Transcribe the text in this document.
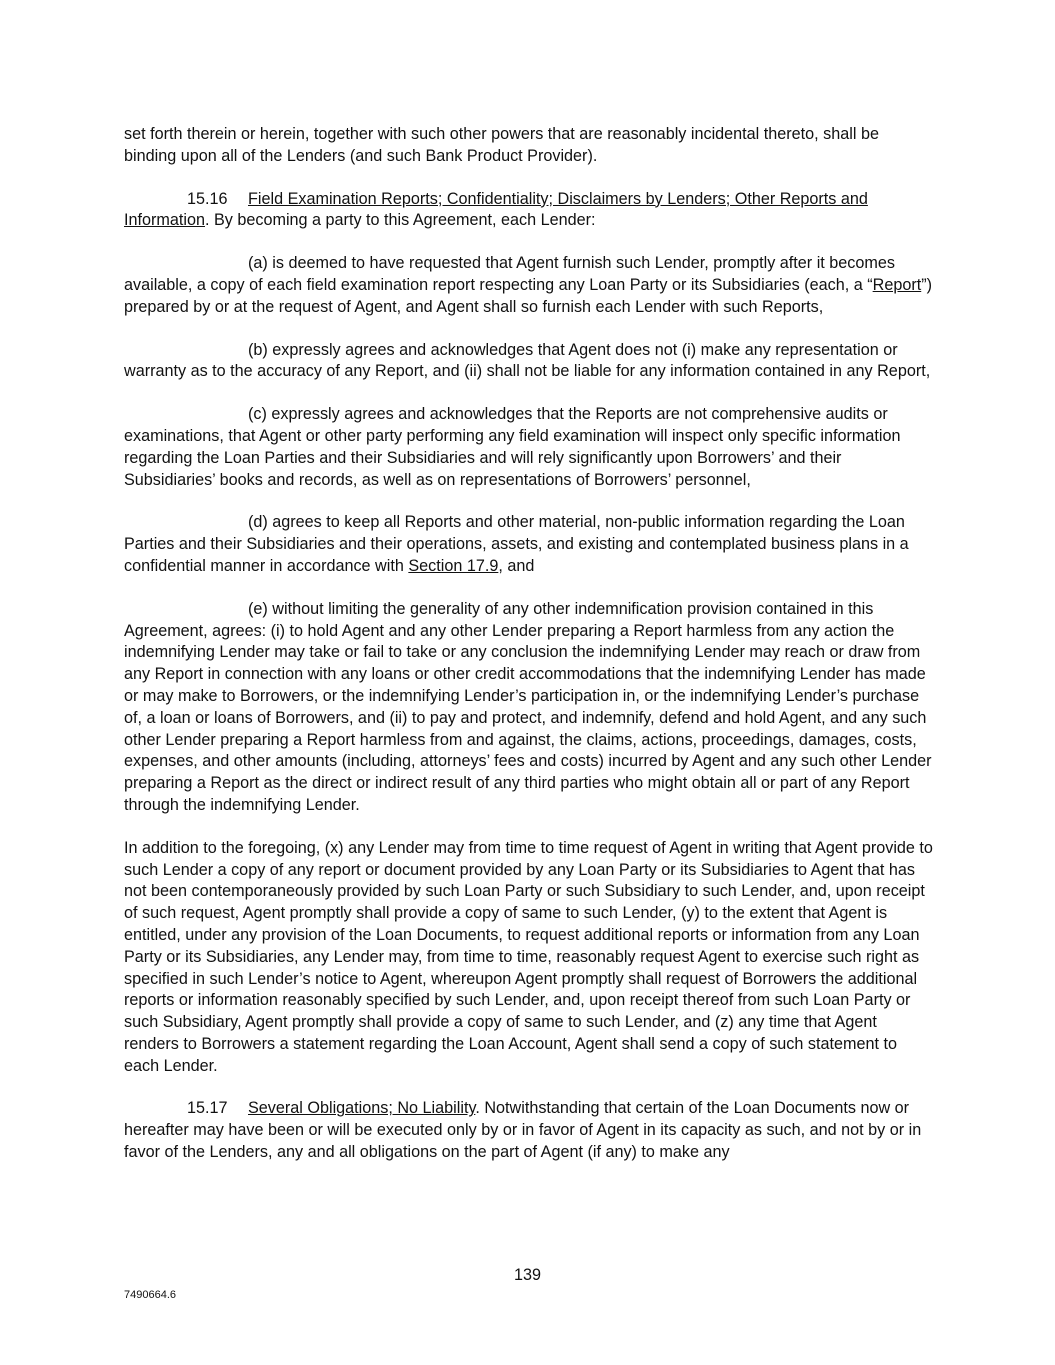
set forth therein or herein, together with such other powers that are reasonably incidental thereto, shall be binding upon all of the Lenders (and such Bank Product Provider).

15.16 Field Examination Reports; Confidentiality; Disclaimers by Lenders; Other Reports and Information. By becoming a party to this Agreement, each Lender:

(a) is deemed to have requested that Agent furnish such Lender, promptly after it becomes available, a copy of each field examination report respecting any Loan Party or its Subsidiaries (each, a “Report”) prepared by or at the request of Agent, and Agent shall so furnish each Lender with such Reports,

(b) expressly agrees and acknowledges that Agent does not (i) make any representation or warranty as to the accuracy of any Report, and (ii) shall not be liable for any information contained in any Report,

(c) expressly agrees and acknowledges that the Reports are not comprehensive audits or examinations, that Agent or other party performing any field examination will inspect only specific information regarding the Loan Parties and their Subsidiaries and will rely significantly upon Borrowers’ and their Subsidiaries’ books and records, as well as on representations of Borrowers’ personnel,

(d) agrees to keep all Reports and other material, non-public information regarding the Loan Parties and their Subsidiaries and their operations, assets, and existing and contemplated business plans in a confidential manner in accordance with Section 17.9, and

(e) without limiting the generality of any other indemnification provision contained in this Agreement, agrees: (i) to hold Agent and any other Lender preparing a Report harmless from any action the indemnifying Lender may take or fail to take or any conclusion the indemnifying Lender may reach or draw from any Report in connection with any loans or other credit accommodations that the indemnifying Lender has made or may make to Borrowers, or the indemnifying Lender’s participation in, or the indemnifying Lender’s purchase of, a loan or loans of Borrowers, and (ii) to pay and protect, and indemnify, defend and hold Agent, and any such other Lender preparing a Report harmless from and against, the claims, actions, proceedings, damages, costs, expenses, and other amounts (including, attorneys’ fees and costs) incurred by Agent and any such other Lender preparing a Report as the direct or indirect result of any third parties who might obtain all or part of any Report through the indemnifying Lender.

In addition to the foregoing, (x) any Lender may from time to time request of Agent in writing that Agent provide to such Lender a copy of any report or document provided by any Loan Party or its Subsidiaries to Agent that has not been contemporaneously provided by such Loan Party or such Subsidiary to such Lender, and, upon receipt of such request, Agent promptly shall provide a copy of same to such Lender, (y) to the extent that Agent is entitled, under any provision of the Loan Documents, to request additional reports or information from any Loan Party or its Subsidiaries, any Lender may, from time to time, reasonably request Agent to exercise such right as specified in such Lender’s notice to Agent, whereupon Agent promptly shall request of Borrowers the additional reports or information reasonably specified by such Lender, and, upon receipt thereof from such Loan Party or such Subsidiary, Agent promptly shall provide a copy of same to such Lender, and (z) any time that Agent renders to Borrowers a statement regarding the Loan Account, Agent shall send a copy of such statement to each Lender.

15.17 Several Obligations; No Liability. Notwithstanding that certain of the Loan Documents now or hereafter may have been or will be executed only by or in favor of Agent in its capacity as such, and not by or in favor of the Lenders, any and all obligations on the part of Agent (if any) to make any

139
7490664.6
